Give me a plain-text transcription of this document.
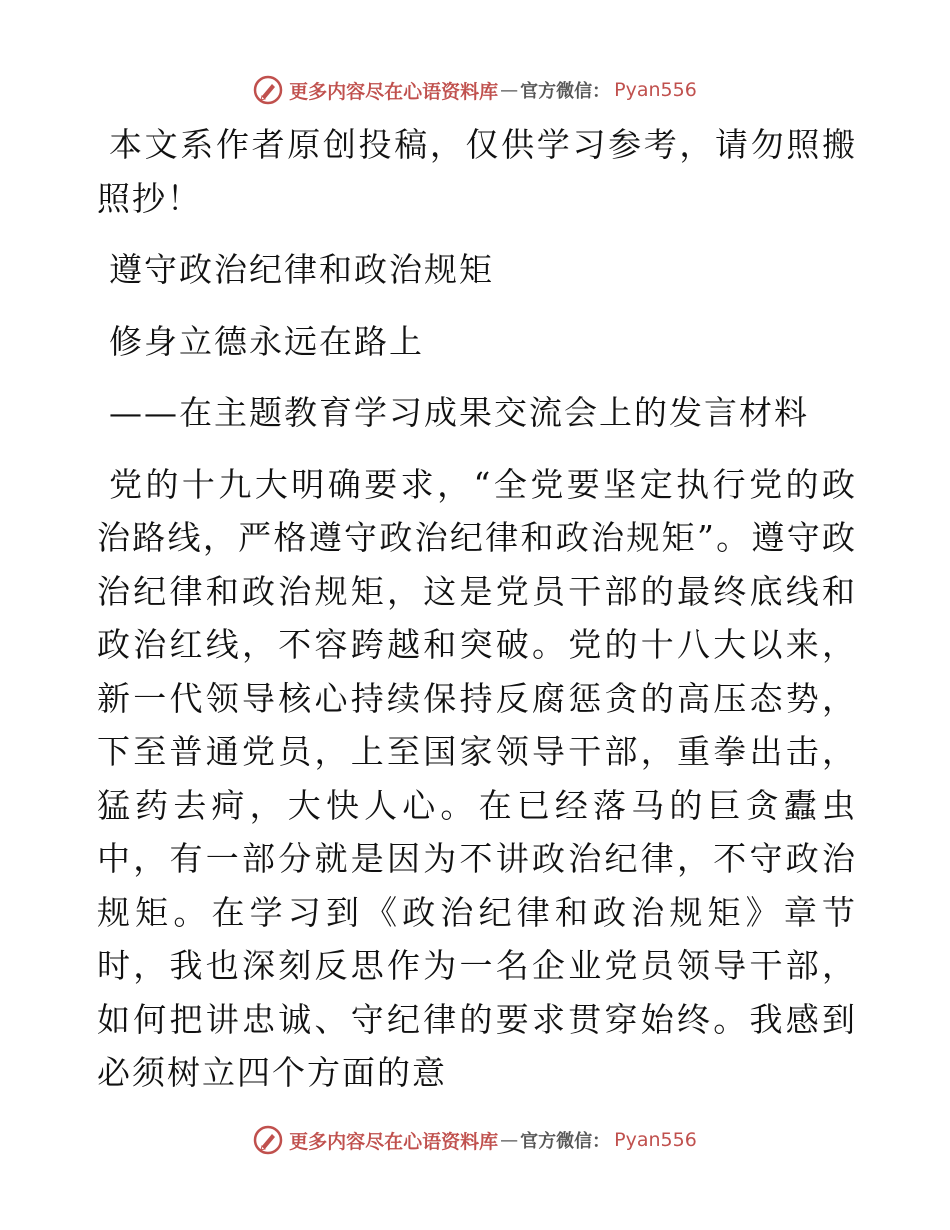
更多内容尽在心语资料库 — 官方微信： Pyan556

本文系作者原创投稿，仅供学习参考，请勿照搬照抄！

遵守政治纪律和政治规矩

修身立德永远在路上

——在主题教育学习成果交流会上的发言材料

党的十九大明确要求，“全党要坚定执行党的政治路线，严格遵守政治纪律和政治规矩”。遵守政治纪律和政治规矩，这是党员干部的最终底线和政治红线，不容跨越和突破。党的十八大以来，新一代领导核心持续保持反腐惩贪的高压态势，下至普通党员，上至国家领导干部，重拳出击，猛药去疴，大快人心。在已经落马的巨贪蠹虫中，有一部分就是因为不讲政治纪律，不守政治规矩。在学习到《政治纪律和政治规矩》章节时，我也深刻反思作为一名企业党员领导干部，如何把讲忠诚、守纪律的要求贯穿始终。我感到必须树立四个方面的意

更多内容尽在心语资料库 — 官方微信： Pyan556
